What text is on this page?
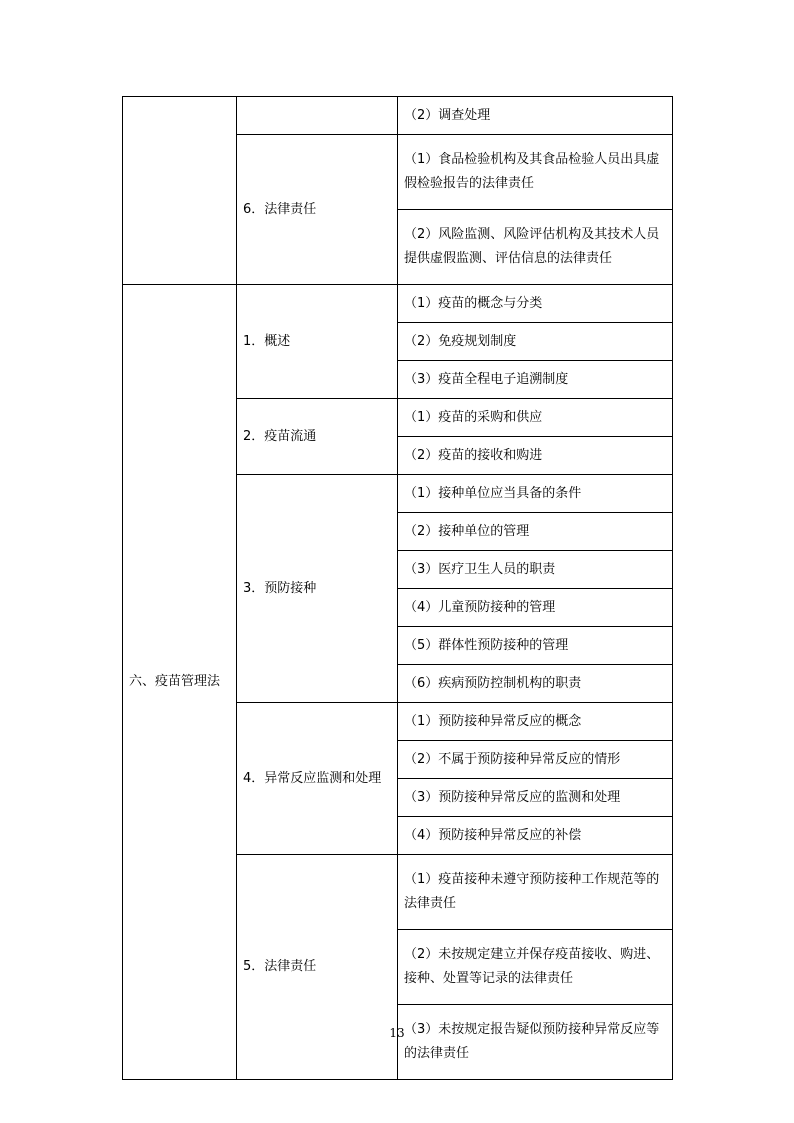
		（2）调查处理
	6．法律责任	（1）食品检验机构及其食品检验人员出具虚假检验报告的法律责任
		（2）风险监测、风险评估机构及其技术人员提供虚假监测、评估信息的法律责任
六、疫苗管理法	1．概述	（1）疫苗的概念与分类
		（2）免疫规划制度
		（3）疫苗全程电子追溯制度
	2．疫苗流通	（1）疫苗的采购和供应
		（2）疫苗的接收和购进
	3．预防接种	（1）接种单位应当具备的条件
		（2）接种单位的管理
		（3）医疗卫生人员的职责
		（4）儿童预防接种的管理
		（5）群体性预防接种的管理
		（6）疾病预防控制机构的职责
	4．异常反应监测和处理	（1）预防接种异常反应的概念
		（2）不属于预防接种异常反应的情形
		（3）预防接种异常反应的监测和处理
		（4）预防接种异常反应的补偿
	5．法律责任	（1）疫苗接种未遵守预防接种工作规范等的法律责任
		（2）未按规定建立并保存疫苗接收、购进、接种、处置等记录的法律责任
		（3）未按规定报告疑似预防接种异常反应等的法律责任
13
